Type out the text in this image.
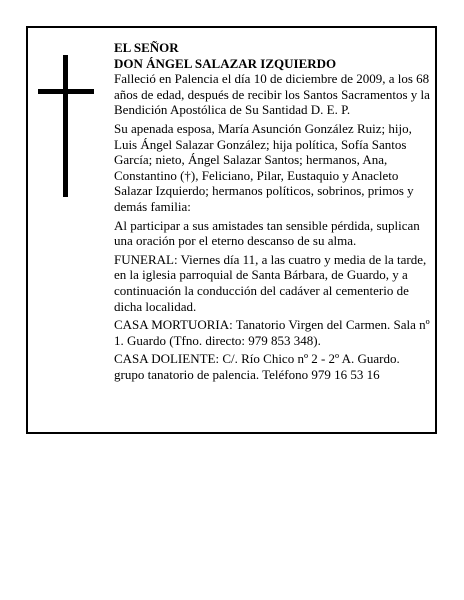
EL SEÑOR

DON ÁNGEL SALAZAR IZQUIERDO

Falleció en Palencia el día 10 de diciembre de 2009, a los 68 años de edad, después de recibir los Santos Sacramentos y la Bendición Apostólica de Su Santidad D. E. P.

Su apenada esposa, María Asunción González Ruiz; hijo, Luis Ángel Salazar González; hija política, Sofía Santos García; nieto, Ángel Salazar Santos; hermanos, Ana, Constantino (†), Feliciano, Pilar, Eustaquio y Anacleto Salazar Izquierdo; hermanos políticos, sobrinos, primos y demás familia:

Al participar a sus amistades tan sensible pérdida, suplican una oración por el eterno descanso de su alma.

FUNERAL: Viernes día 11, a las cuatro y media de la tarde, en la iglesia parroquial de Santa Bárbara, de Guardo, y a continuación la conducción del cadáver al cementerio de dicha localidad.

CASA MORTUORIA: Tanatorio Virgen del Carmen. Sala nº 1. Guardo (Tfno. directo: 979 853 348).

CASA DOLIENTE: C/. Río Chico nº 2 - 2º A. Guardo. grupo tanatorio de palencia. Teléfono 979 16 53 16
